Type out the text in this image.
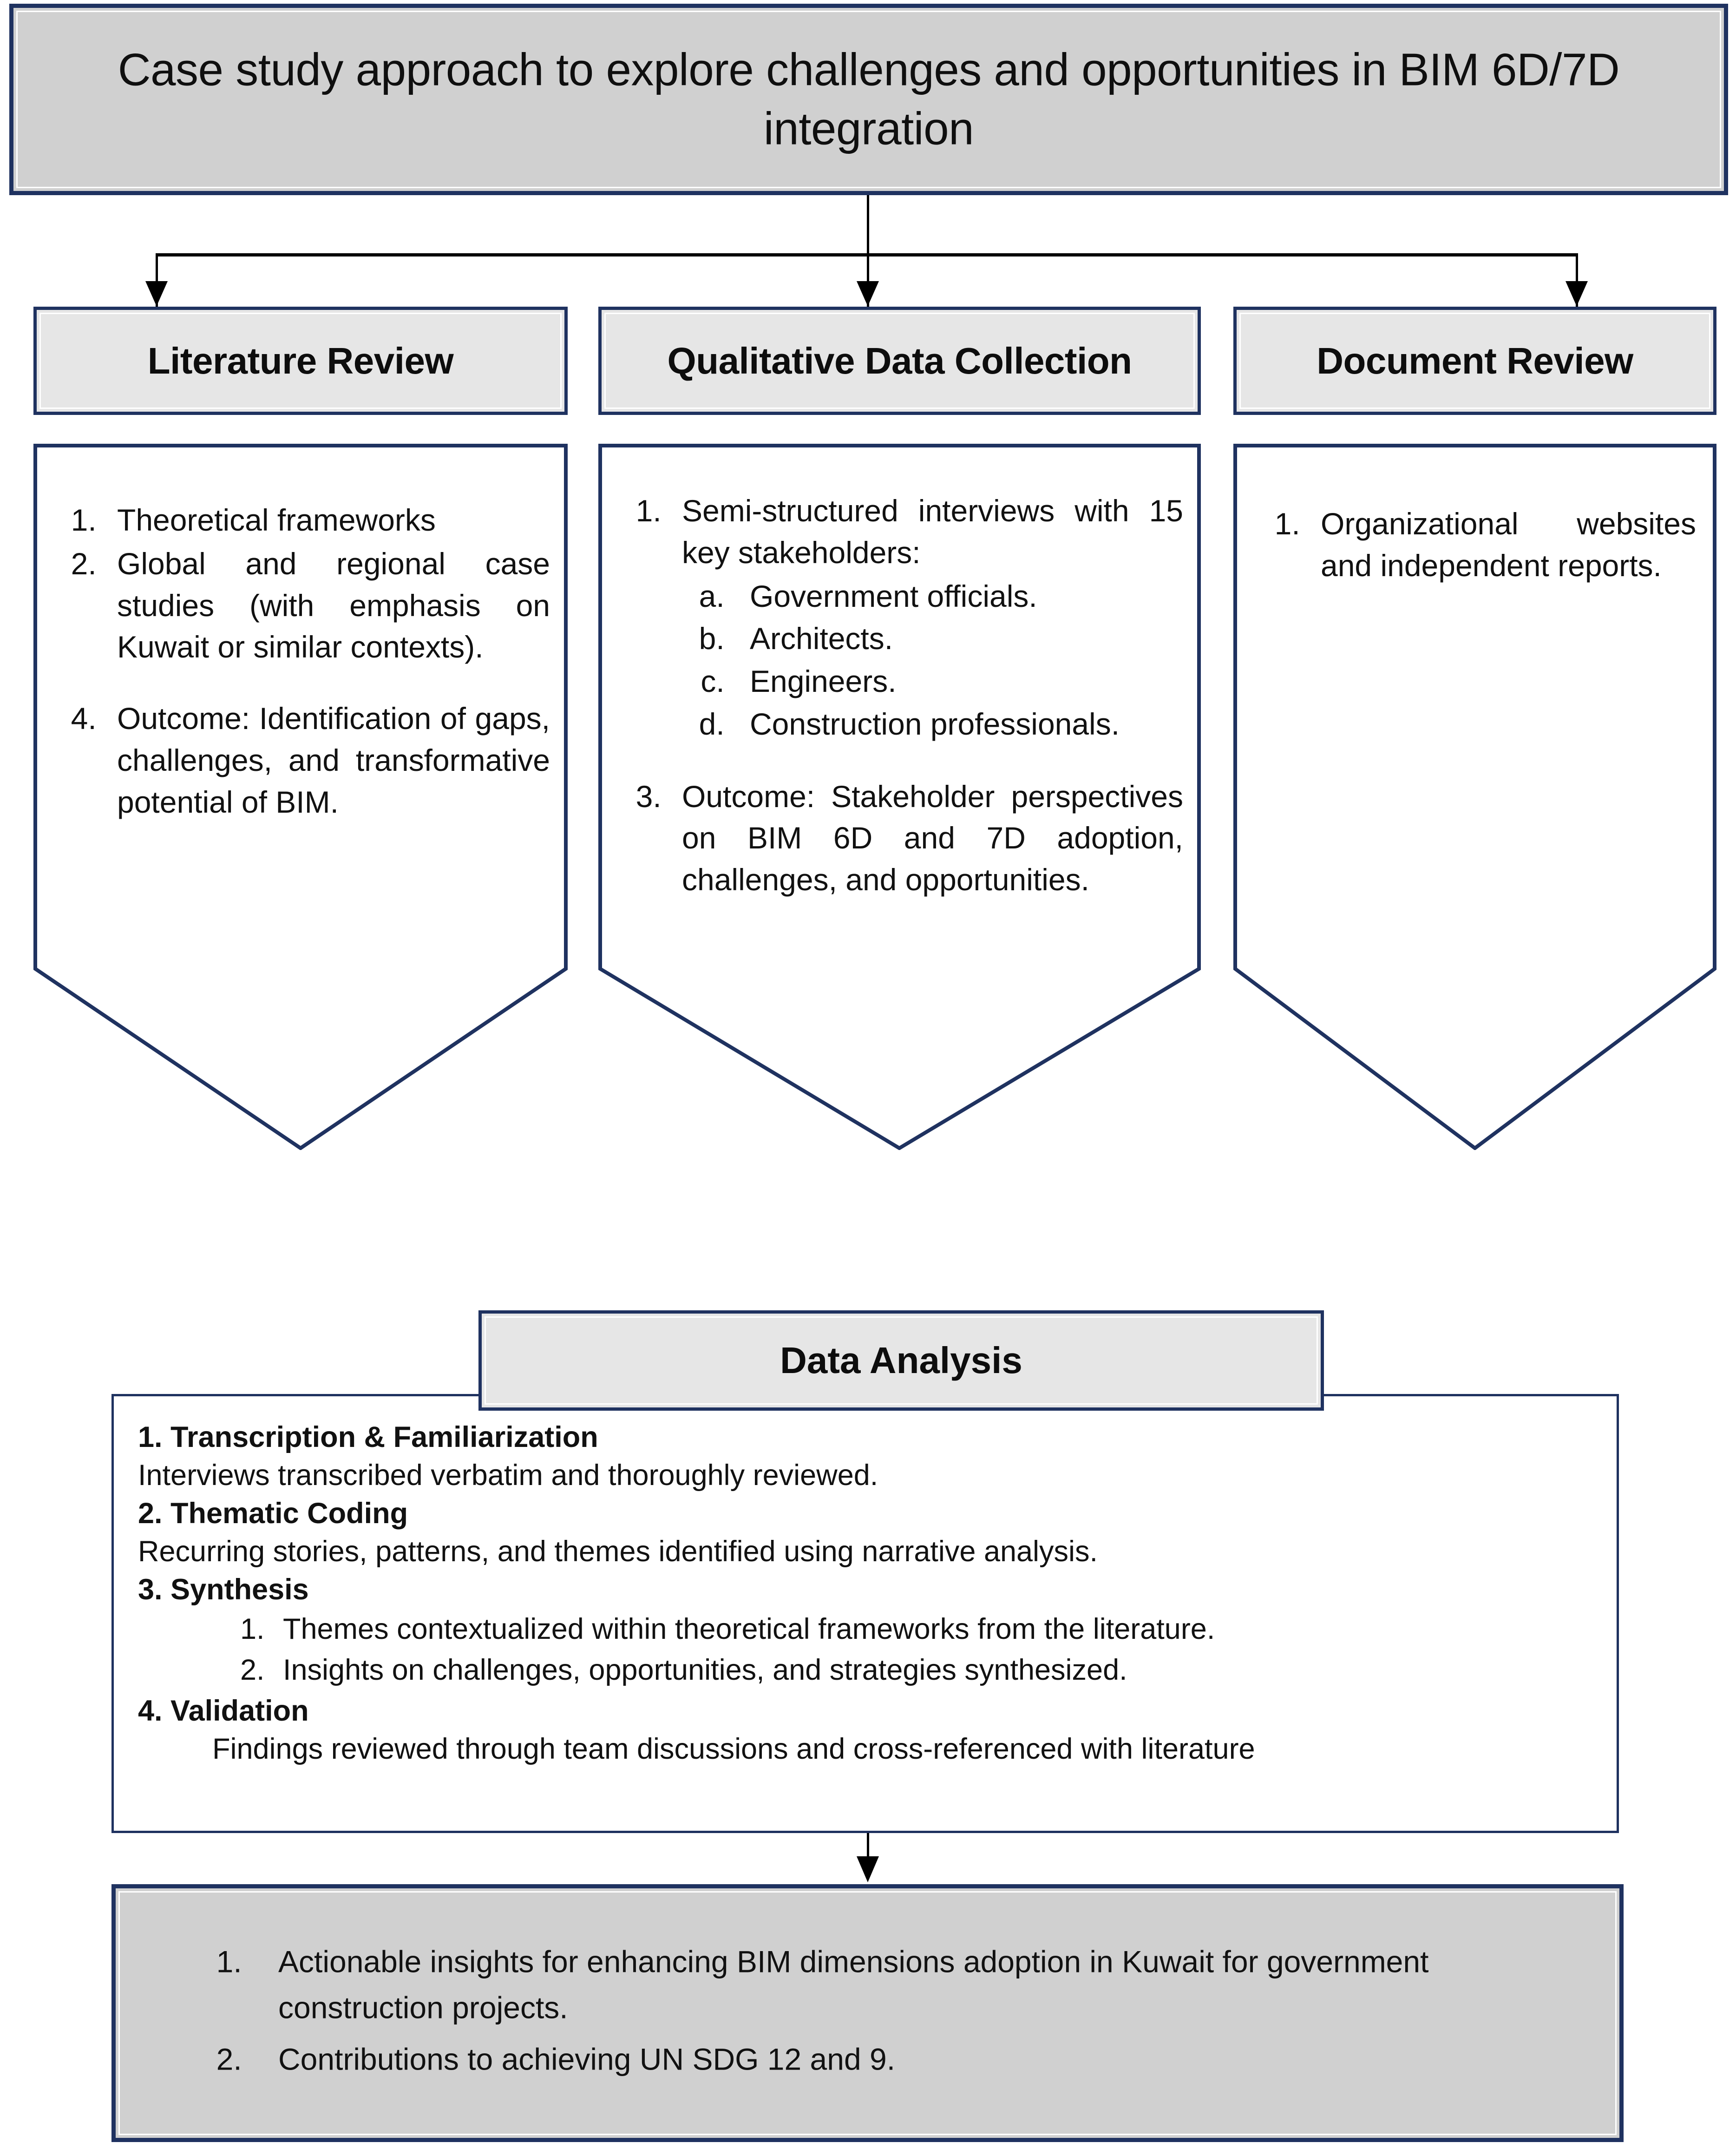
Case study approach to explore challenges and opportunities in BIM 6D/7D integration
Literature Review
1. Theoretical frameworks
2. Global and regional case studies (with emphasis on Kuwait or similar contexts).
4. Outcome: Identification of gaps, challenges, and transformative potential of BIM.
Qualitative Data Collection
1. Semi-structured interviews with 15 key stakeholders:
a. Government officials.
b. Architects.
c. Engineers.
d. Construction professionals.
3. Outcome: Stakeholder perspectives on BIM 6D and 7D adoption, challenges, and opportunities.
Document Review
1. Organizational websites and independent reports.
Data Analysis
1. Transcription & Familiarization
Interviews transcribed verbatim and thoroughly reviewed.
2. Thematic Coding
Recurring stories, patterns, and themes identified using narrative analysis.
3. Synthesis
1. Themes contextualized within theoretical frameworks from the literature.
2. Insights on challenges, opportunities, and strategies synthesized.
4. Validation
Findings reviewed through team discussions and cross-referenced with literature
1. Actionable insights for enhancing BIM dimensions adoption in Kuwait for government construction projects.
2. Contributions to achieving UN SDG 12 and 9.
